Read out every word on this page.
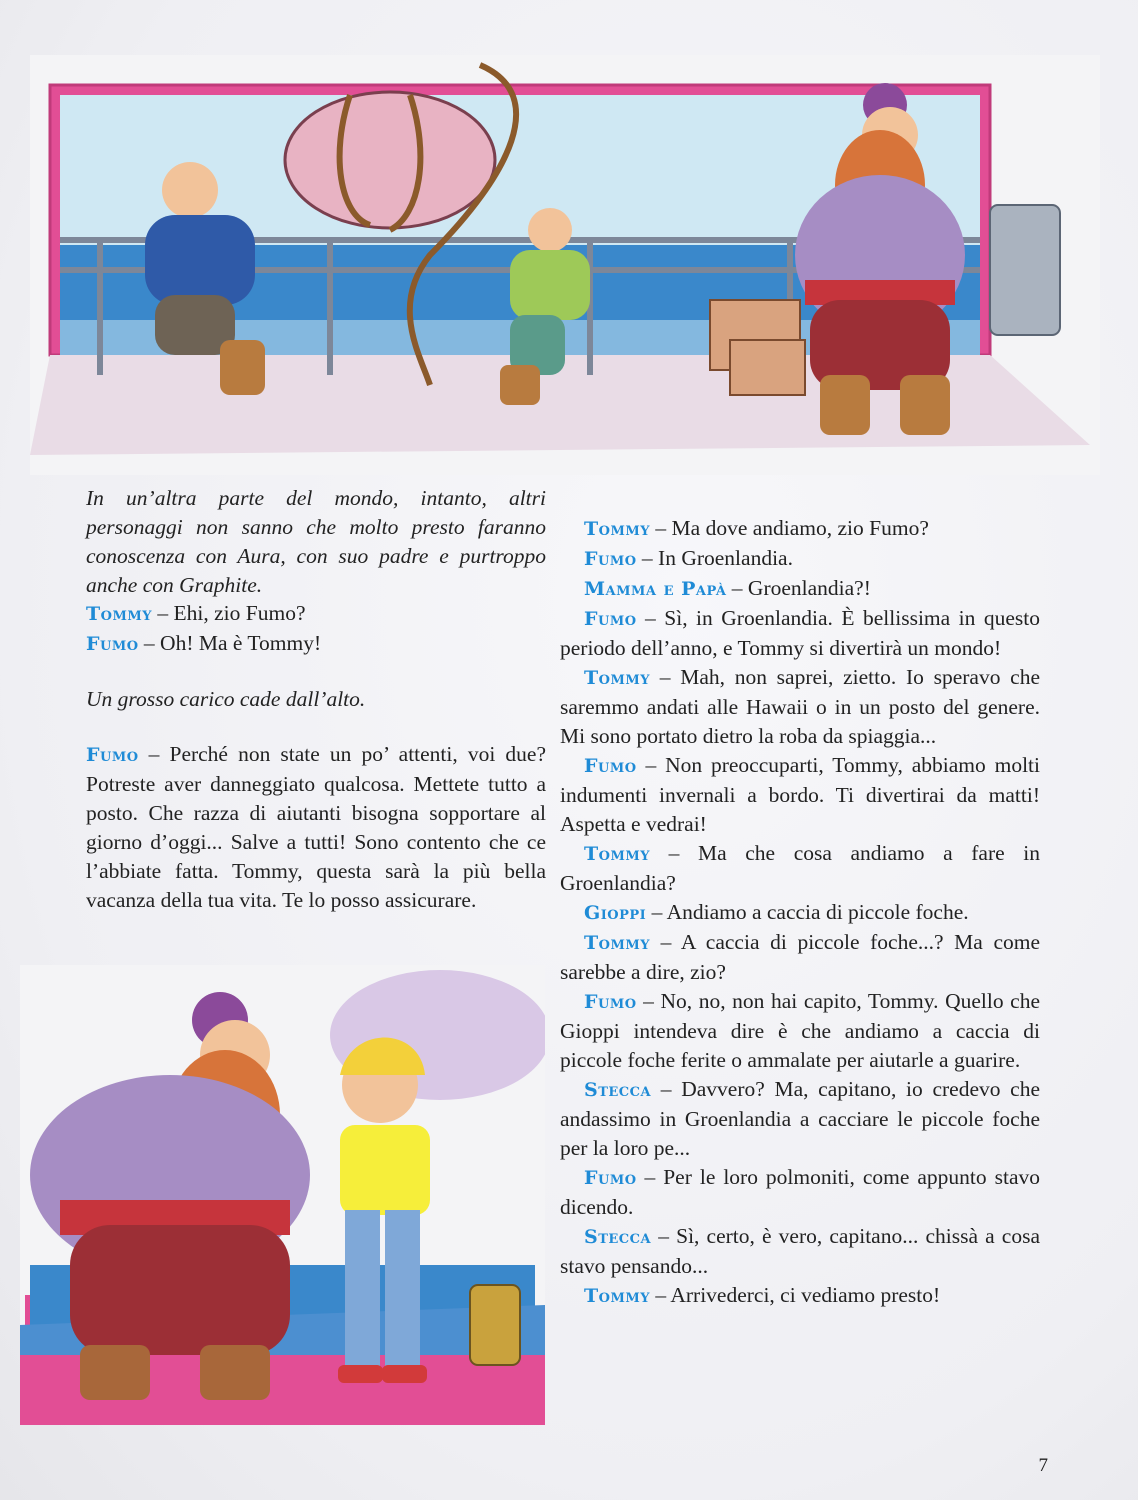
In un’altra parte del mondo, intanto, altri personaggi non sanno che molto presto faranno conoscenza con Aura, con suo padre e purtroppo anche con Graphite.

Tommy – Ehi, zio Fumo?

Fumo – Oh! Ma è Tommy!

Un grosso carico cade dall’alto.

Fumo – Perché non state un po’ attenti, voi due? Potreste aver danneggiato qualcosa. Mettete tutto a posto. Che razza di aiutanti bisogna sopportare al giorno d’oggi... Salve a tutti! Sono contento che ce l’abbiate fatta. Tommy, questa sarà la più bella vacanza della tua vita. Te lo posso assicurare.

Tommy – Ma dove andiamo, zio Fumo?

Fumo – In Groenlandia.

Mamma e Papà – Groenlandia?!

Fumo – Sì, in Groenlandia. È bellissima in questo periodo dell’anno, e Tommy si divertirà un mondo!

Tommy – Mah, non saprei, zietto. Io speravo che saremmo andati alle Hawaii o in un posto del genere. Mi sono portato dietro la roba da spiaggia...

Fumo – Non preoccuparti, Tommy, abbiamo molti indumenti invernali a bordo. Ti divertirai da matti! Aspetta e vedrai!

Tommy – Ma che cosa andiamo a fare in Groenlandia?

Gioppi – Andiamo a caccia di piccole foche.

Tommy – A caccia di piccole foche...? Ma come sarebbe a dire, zio?

Fumo – No, no, non hai capito, Tommy. Quello che Gioppi intendeva dire è che andiamo a caccia di piccole foche ferite o ammalate per aiutarle a guarire.

Stecca – Davvero? Ma, capitano, io credevo che andassimo in Groenlandia a cacciare le piccole foche per la loro pe...

Fumo – Per le loro polmoniti, come appunto stavo dicendo.

Stecca – Sì, certo, è vero, capitano... chissà a cosa stavo pensando...

Tommy – Arrivederci, ci vediamo presto!

7
